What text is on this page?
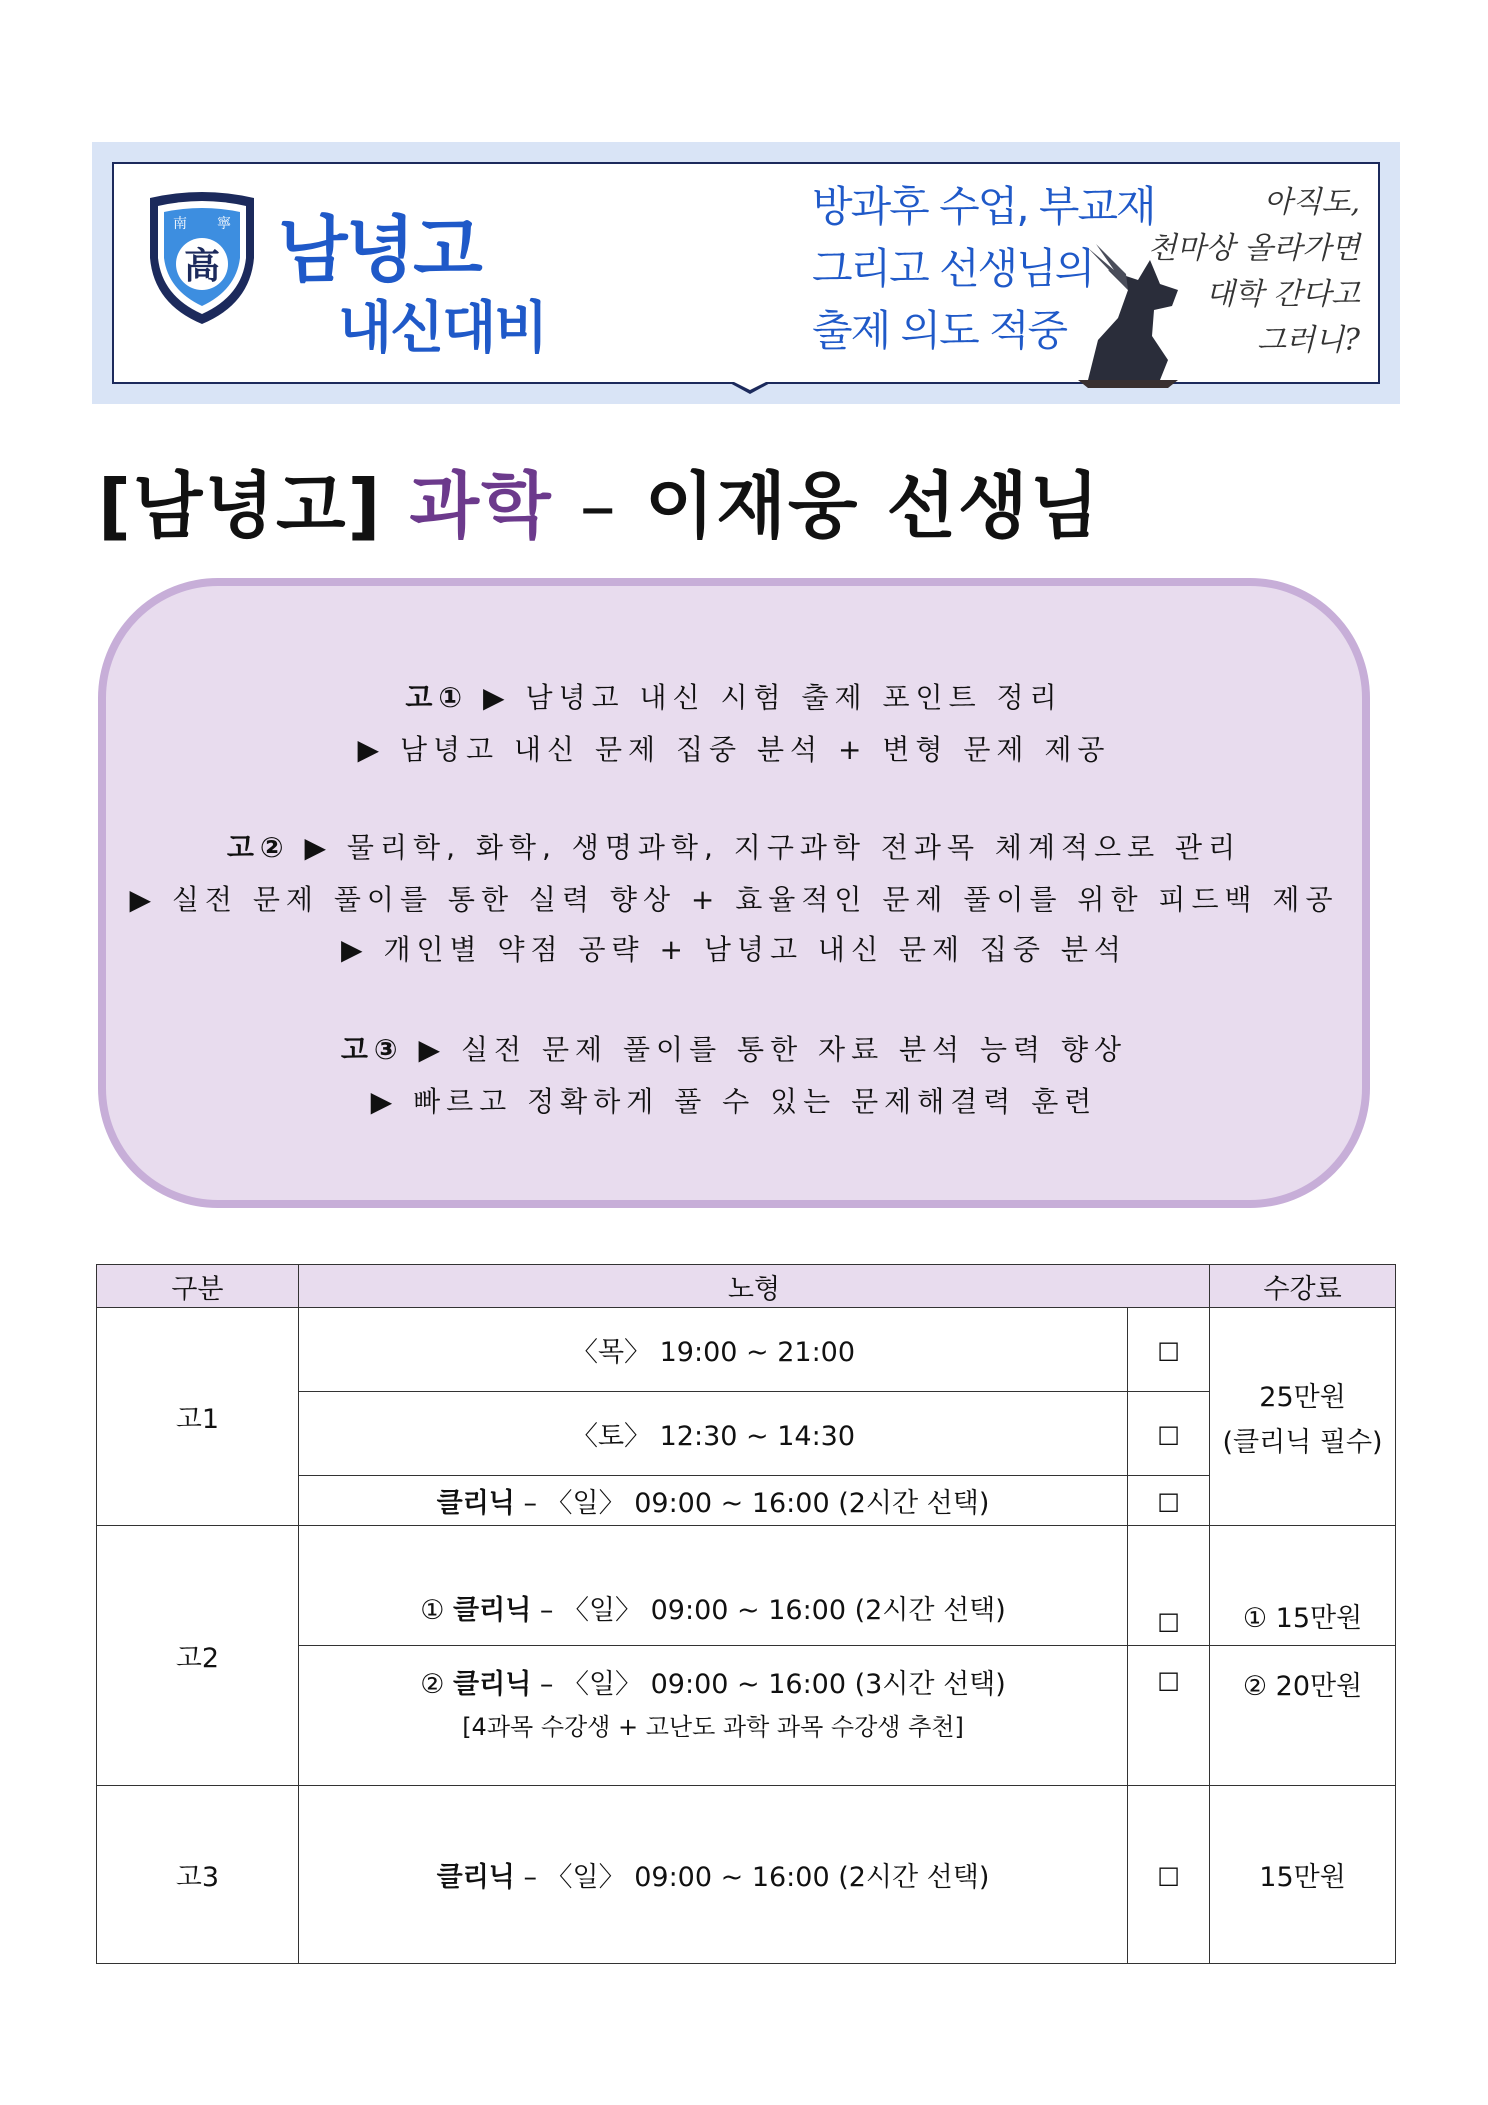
南 寧
高 남녕고
내신대비
방과후 수업, 부교재
그리고 선생님의
출제 의도 적중
아직도,
천마상 올라가면
대학 간다고
그러니?
[남녕고] 과학 – 이재웅 선생님
고① ▶ 남녕고 내신 시험 출제 포인트 정리
▶ 남녕고 내신 문제 집중 분석 + 변형 문제 제공
고② ▶ 물리학, 화학, 생명과학, 지구과학 전과목 체계적으로 관리
▶ 실전 문제 풀이를 통한 실력 향상 + 효율적인 문제 풀이를 위한 피드백 제공
▶ 개인별 약점 공략 + 남녕고 내신 문제 집중 분석
고③ ▶ 실전 문제 풀이를 통한 자료 분석 능력 향상
▶ 빠르고 정확하게 풀 수 있는 문제해결력 훈련
구분	노형		수강료
고1	〈목〉 19:00 ~ 21:00	□	25만원
(클리닉 필수)

	〈토〉 12:30 ~ 14:30	□	
	클리닉 – 〈일〉 09:00 ~ 16:00 (2시간 선택)	□	
고2	① 클리닉 – 〈일〉 09:00 ~ 16:00 (2시간 선택)	□	① 15만원
	② 클리닉 – 〈일〉 09:00 ~ 16:00 (3시간 선택)
[4과목 수강생 + 고난도 과학 과목 수강생 추천]	□	② 20만원
고3	클리닉 – 〈일〉 09:00 ~ 16:00 (2시간 선택)	□	15만원
